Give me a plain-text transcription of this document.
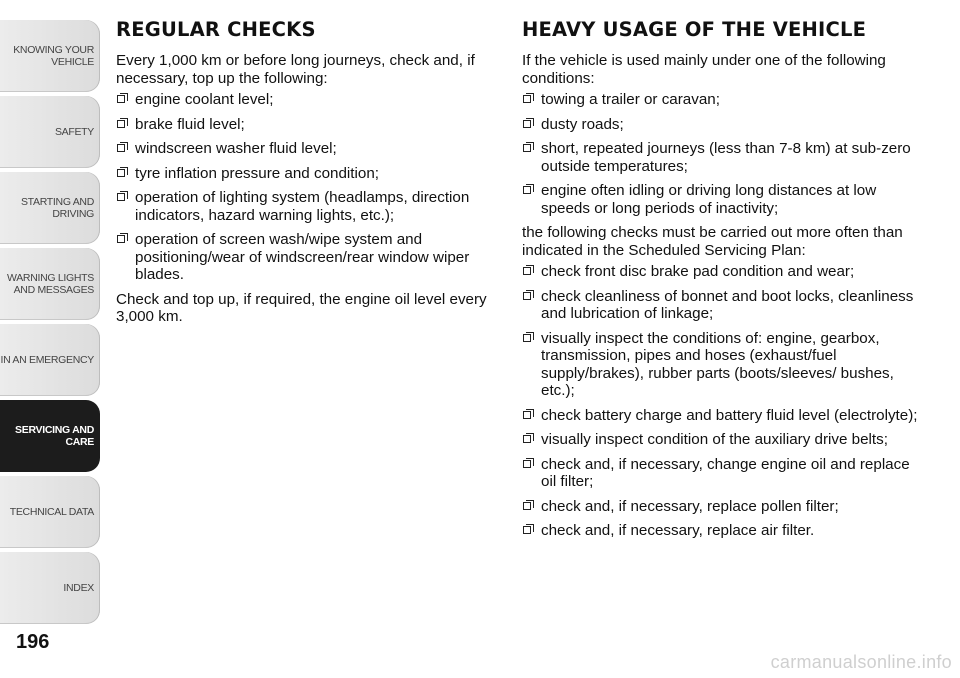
KNOWING YOUR
VEHICLE
SAFETY
STARTING AND
DRIVING
WARNING LIGHTS
AND MESSAGES
IN AN EMERGENCY
SERVICING AND
CARE
TECHNICAL DATA
INDEX
196
REGULAR CHECKS

Every 1,000 km or before long journeys, check and, if necessary, top up the following:

engine coolant level;
brake fluid level;
windscreen washer fluid level;
tyre inflation pressure and condition;
operation of lighting system (headlamps, direction indicators, hazard warning lights, etc.);
operation of screen wash/wipe system and positioning/wear of windscreen/rear window wiper blades.

Check and top up, if required, the engine oil level every 3,000 km.

HEAVY USAGE OF THE VEHICLE

If the vehicle is used mainly under one of the following conditions:

towing a trailer or caravan;
dusty roads;
short, repeated journeys (less than 7-8 km) at sub-zero outside temperatures;
engine often idling or driving long distances at low speeds or long periods of inactivity;

the following checks must be carried out more often than indicated in the Scheduled Servicing Plan:

check front disc brake pad condition and wear;
check cleanliness of bonnet and boot locks, cleanliness and lubrication of linkage;
visually inspect the conditions of: engine, gearbox, transmission, pipes and hoses (exhaust/fuel supply/brakes), rubber parts (boots/sleeves/ bushes, etc.);
check battery charge and battery fluid level (electrolyte);
visually inspect condition of the auxiliary drive belts;
check and, if necessary, change engine oil and replace oil filter;
check and, if necessary, replace pollen filter;
check and, if necessary, replace air filter.
carmanualsonline.info
